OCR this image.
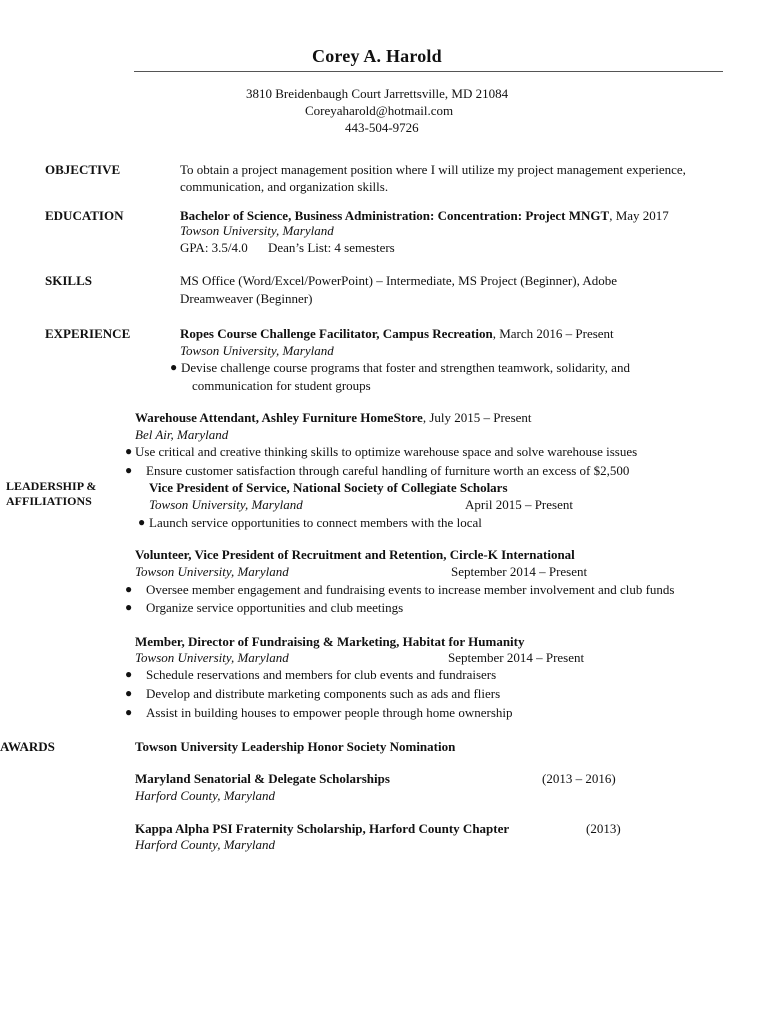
Corey A. Harold
3810 Breidenbaugh Court Jarrettsville, MD 21084
Coreyaharold@hotmail.com
443-504-9726
OBJECTIVE	To obtain a project management position where I will utilize my project management experience,
communication, and organization skills.
EDUCATION	Bachelor of Science, Business Administration: Concentration: Project MNGT, May 2017
Towson University, Maryland
GPA: 3.5/4.0 Dean’s List: 4 semesters
SKILLS	MS Office (Word/Excel/PowerPoint) – Intermediate, MS Project (Beginner), Adobe
Dreamweaver (Beginner)
EXPERIENCE	Ropes Course Challenge Facilitator, Campus Recreation, March 2016 – Present
Towson University, Maryland
● Devise challenge course programs that foster and strengthen teamwork, solidarity, and
communication for student groups
Warehouse Attendant, Ashley Furniture HomeStore, July 2015 – Present
Bel Air, Maryland
● Use critical and creative thinking skills to optimize warehouse space and solve warehouse issues
● Ensure customer satisfaction through careful handling of furniture worth an excess of $2,500
LEADERSHIP &
AFFILIATIONS
Vice President of Service, National Society of Collegiate Scholars
Towson University, Maryland	April 2015 – Present
● Launch service opportunities to connect members with the local
Volunteer, Vice President of Recruitment and Retention, Circle-K International
Towson University, Maryland	September 2014 – Present
● Oversee member engagement and fundraising events to increase member involvement and club funds
● Organize service opportunities and club meetings
Member, Director of Fundraising & Marketing, Habitat for Humanity
Towson University, Maryland	September 2014 – Present
● Schedule reservations and members for club events and fundraisers
● Develop and distribute marketing components such as ads and fliers
● Assist in building houses to empower people through home ownership
AWARDS	Towson University Leadership Honor Society Nomination
Maryland Senatorial & Delegate Scholarships	(2013 – 2016)
Harford County, Maryland
Kappa Alpha PSI Fraternity Scholarship, Harford County Chapter	(2013)
Harford County, Maryland
